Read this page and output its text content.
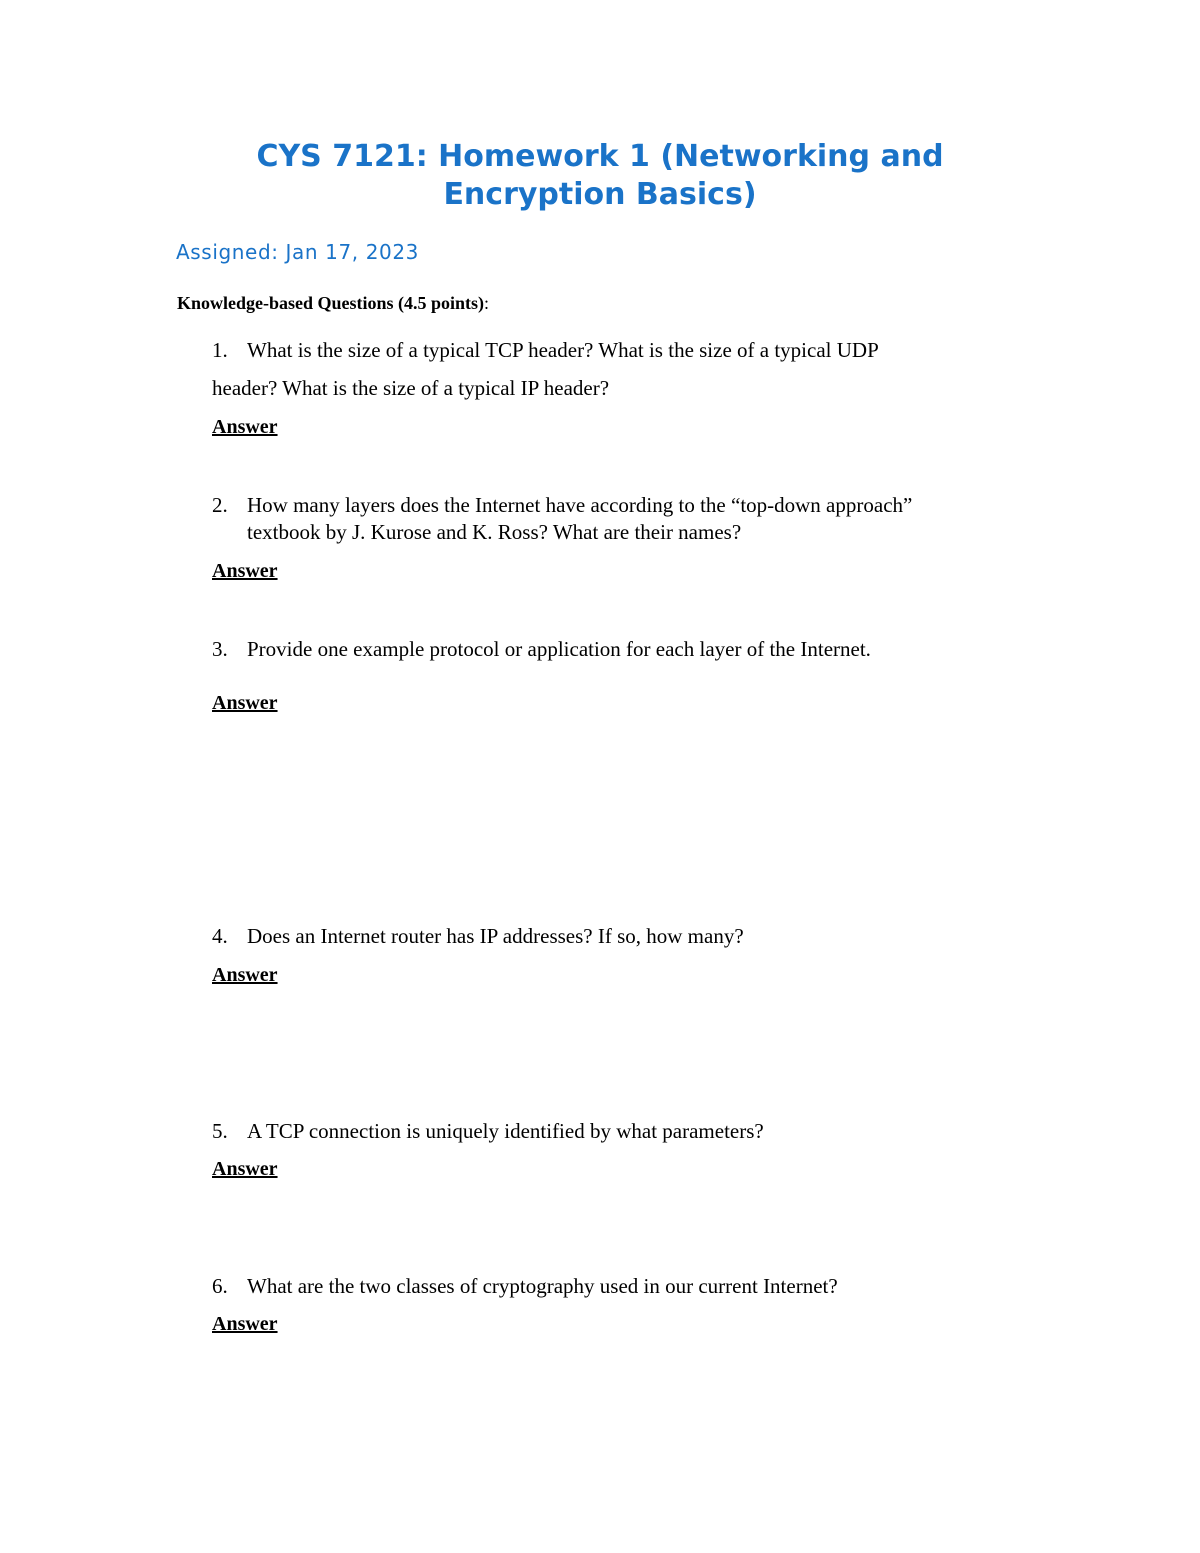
CYS 7121: Homework 1 (Networking and
Encryption Basics)
Assigned: Jan 17, 2023
Knowledge-based Questions (4.5 points):
1. What is the size of a typical TCP header? What is the size of a typical UDP
header? What is the size of a typical IP header?
Answer
2. How many layers does the Internet have according to the “top-down approach”
textbook by J. Kurose and K. Ross? What are their names?
Answer
3. Provide one example protocol or application for each layer of the Internet.
Answer
4. Does an Internet router has IP addresses? If so, how many?
Answer
5. A TCP connection is uniquely identified by what parameters?
Answer
6. What are the two classes of cryptography used in our current Internet?
Answer
